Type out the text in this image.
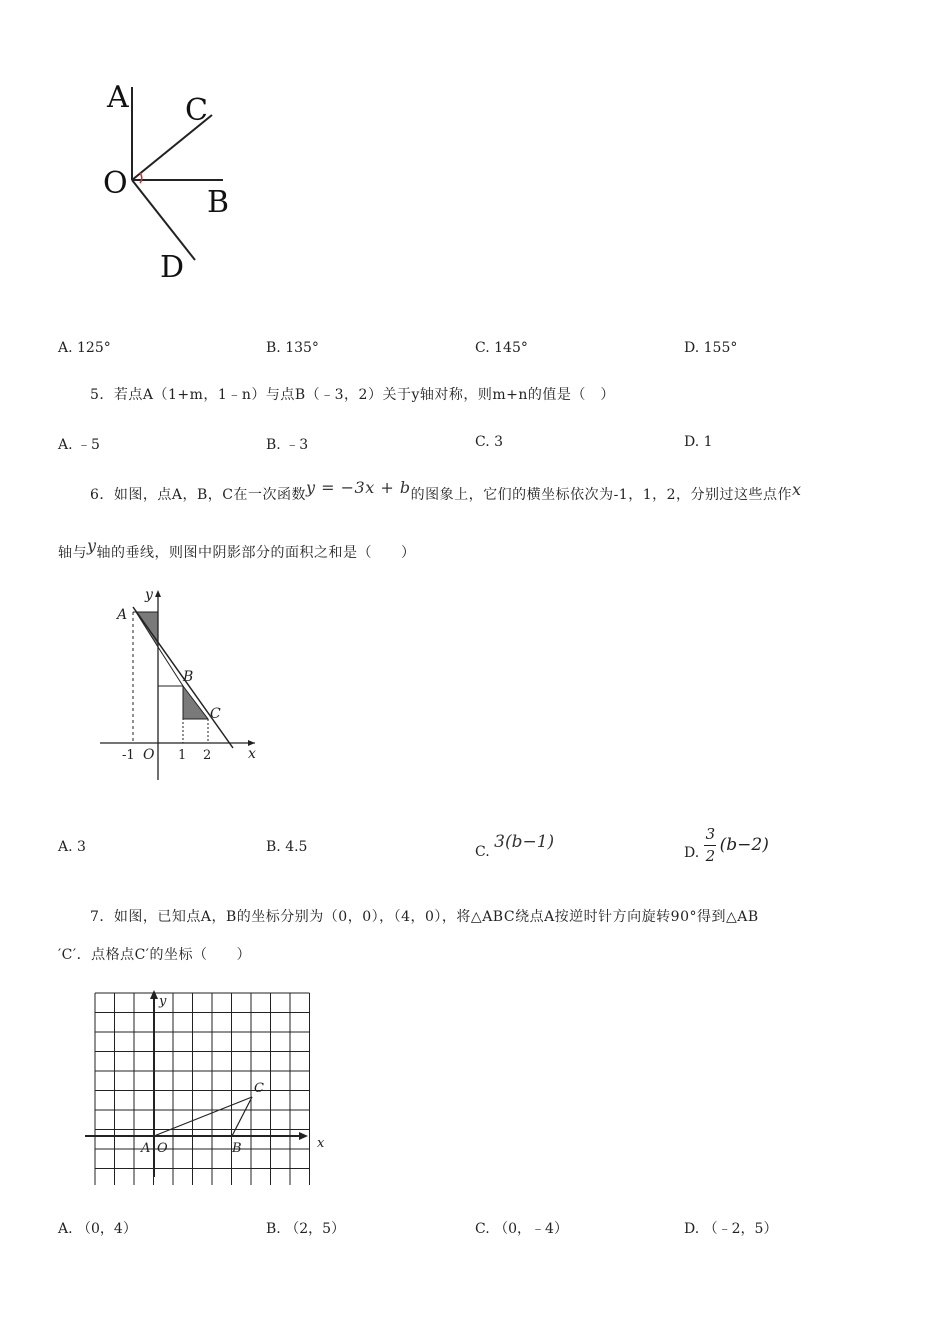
A C
O
B
D
A. 125°	B. 135°	C. 145°	D. 155°
5．若点A（1+m，1﹣n）与点B（﹣3，2）关于y轴对称，则m+n的值是（　）
A. ﹣5	B. ﹣3	C. 3	D. 1
6．如图，点A，B，C在一次函数y = −3x + b的图象上，它们的横坐标依次为-1，1，2，分别过这些点作x
轴与y轴的垂线，则图中阴影部分的面积之和是（　　）
y
x
A
B
C
O
-1	1 2
A. 3	B. 4.5	C. 3(b−1)
D.
3
2
(b−2)
7．如图，已知点A，B的坐标分别为（0，0），（4，0），将△ABC绕点A按逆时针方向旋转90°得到△AB
′C′．点格点C′的坐标（　　）
y
x
A O	B
C
A. （0，4）	B. （2，5）	C. （0，﹣4）	D. （﹣2，5）
